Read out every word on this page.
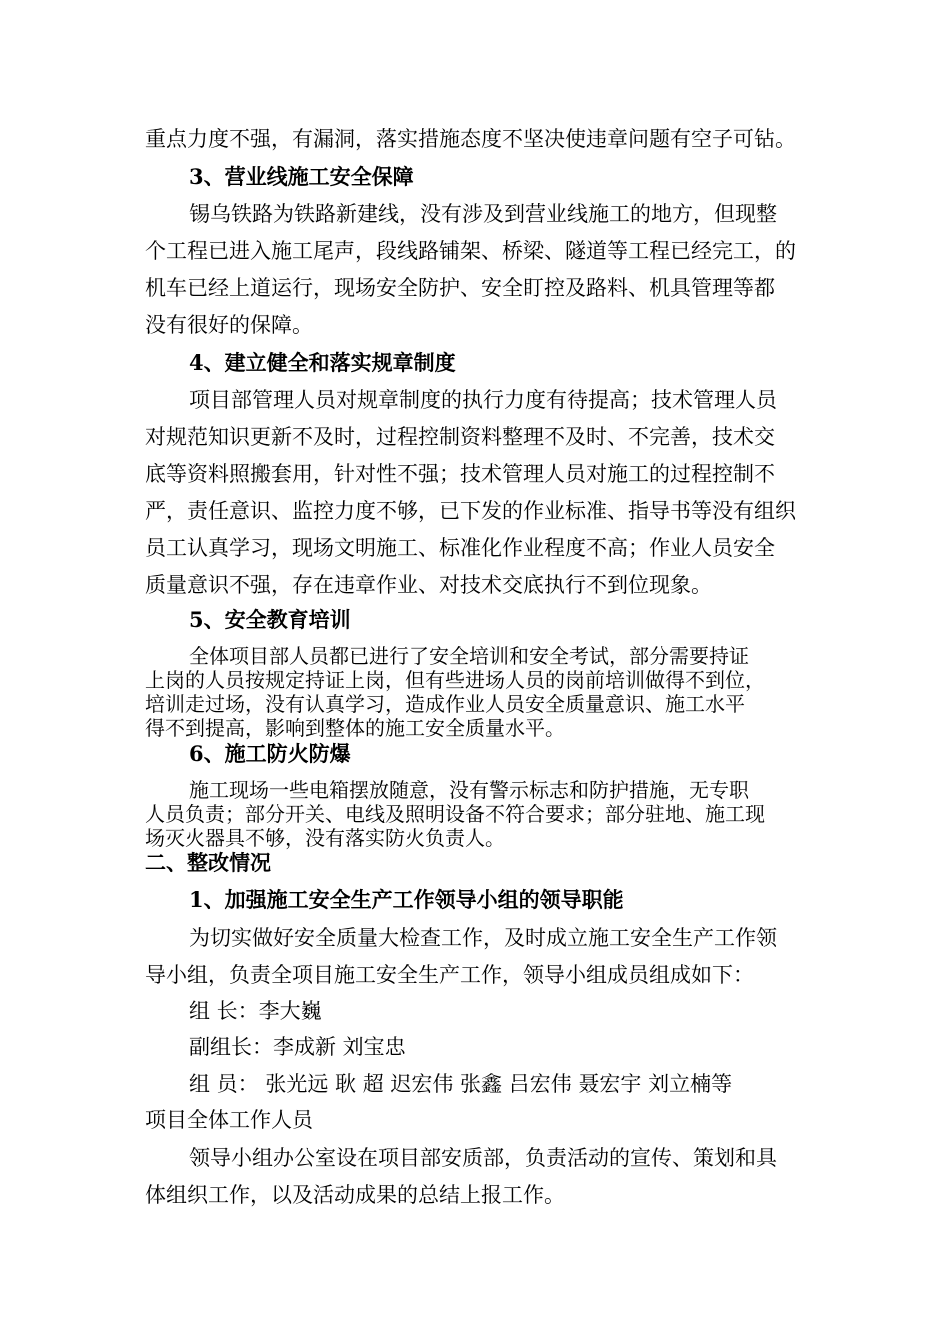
重点力度不强，有漏洞，落实措施态度不坚决使违章问题有空子可钻。
3、营业线施工安全保障
锡乌铁路为铁路新建线，没有涉及到营业线施工的地方，但现整
个工程已进入施工尾声，段线路铺架、桥梁、隧道等工程已经完工，的
机车已经上道运行，现场安全防护、安全盯控及路料、机具管理等都
没有很好的保障。
4、建立健全和落实规章制度
项目部管理人员对规章制度的执行力度有待提高；技术管理人员
对规范知识更新不及时，过程控制资料整理不及时、不完善，技术交
底等资料照搬套用，针对性不强；技术管理人员对施工的过程控制不
严，责任意识、监控力度不够，已下发的作业标准、指导书等没有组织
员工认真学习，现场文明施工、标准化作业程度不高；作业人员安全
质量意识不强，存在违章作业、对技术交底执行不到位现象。
5、安全教育培训
全体项目部人员都已进行了安全培训和安全考试，部分需要持证
上岗的人员按规定持证上岗，但有些进场人员的岗前培训做得不到位，
培训走过场，没有认真学习，造成作业人员安全质量意识、施工水平
得不到提高，影响到整体的施工安全质量水平。
6、施工防火防爆
施工现场一些电箱摆放随意，没有警示标志和防护措施，无专职
人员负责；部分开关、电线及照明设备不符合要求；部分驻地、施工现
场灭火器具不够，没有落实防火负责人。
二、整改情况
1、加强施工安全生产工作领导小组的领导职能
为切实做好安全质量大检查工作，及时成立施工安全生产工作领
导小组，负责全项目施工安全生产工作，领导小组成员组成如下：
组 长：李大巍
副组长：李成新 刘宝忠
组 员： 张光远 耿 超 迟宏伟 张鑫 吕宏伟 聂宏宇 刘立楠等
项目全体工作人员
领导小组办公室设在项目部安质部，负责活动的宣传、策划和具
体组织工作，以及活动成果的总结上报工作。
